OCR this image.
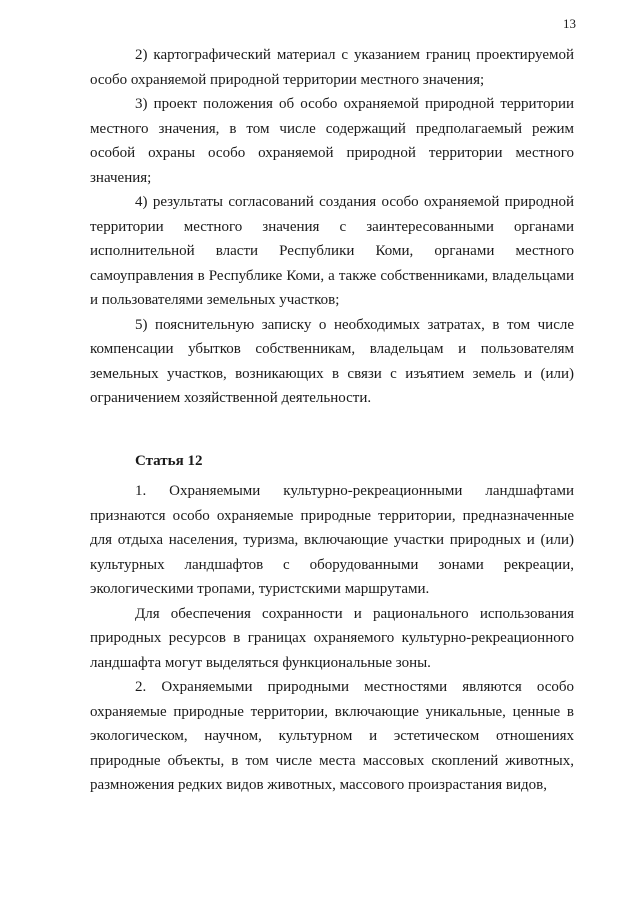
13

2) картографический материал с указанием границ проектируемой особо охраняемой природной территории местного значения;

3) проект положения об особо охраняемой природной территории местного значения, в том числе содержащий предполагаемый режим особой охраны особо охраняемой природной территории местного значения;

4) результаты согласований создания особо охраняемой природной территории местного значения с заинтересованными органами исполнительной власти Республики Коми, органами местного самоуправления в Республике Коми, а также собственниками, владельцами и пользователями земельных участков;

5) пояснительную записку о необходимых затратах, в том числе компенсации убытков собственникам, владельцам и пользователям земельных участков, возникающих в связи с изъятием земель и (или) ограничением хозяйственной деятельности.

Статья 12

1. Охраняемыми культурно-рекреационными ландшафтами признаются особо охраняемые природные территории, предназначенные для отдыха населения, туризма, включающие участки природных и (или) культурных ландшафтов с оборудованными зонами рекреации, экологическими тропами, туристскими маршрутами.

Для обеспечения сохранности и рационального использования природных ресурсов в границах охраняемого культурно-рекреационного ландшафта могут выделяться функциональные зоны.

2. Охраняемыми природными местностями являются особо охраняемые природные территории, включающие уникальные, ценные в экологическом, научном, культурном и эстетическом отношениях природные объекты, в том числе места массовых скоплений животных, размножения редких видов животных, массового произрастания видов,
